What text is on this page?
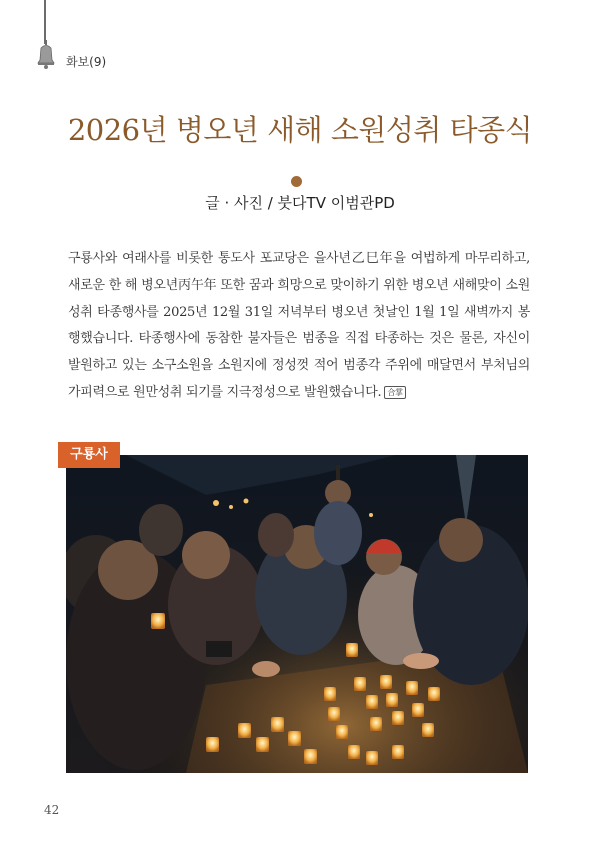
화보(9)
2026년 병오년 새해 소원성취 타종식
글 · 사진 / 붓다TV 이범관PD
구룡사와 여래사를 비롯한 통도사 포교당은 을사년乙巳年을 여법하게 마무리하고, 새로운 한 해 병오년丙午年 또한 꿈과 희망으로 맞이하기 위한 병오년 새해맞이 소원성취 타종행사를 2025년 12월 31일 저녁부터 병오년 첫날인 1월 1일 새벽까지 봉행했습니다. 타종행사에 동참한 불자들은 범종을 직접 타종하는 것은 물론, 자신이 발원하고 있는 소구소원을 소원지에 정성껏 적어 범종각 주위에 매달면서 부처님의 가피력으로 원만성취 되기를 지극정성으로 발원했습니다. 合掌
구룡사
42
